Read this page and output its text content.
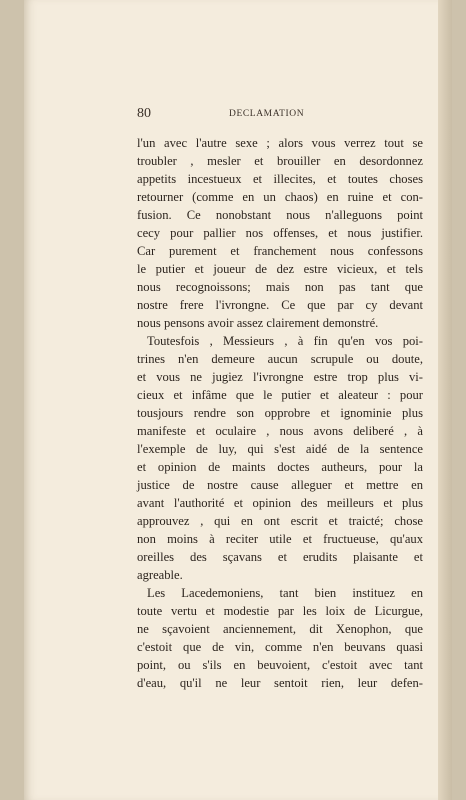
80	DECLAMATION
l'un avec l'autre sexe ; alors vous verrez tout se
troubler , mesler et brouiller en desordonnez
appetits incestueux et illecites, et toutes choses
retourner (comme en un chaos) en ruine et con-
fusion. Ce nonobstant nous n'alleguons point
cecy pour pallier nos offenses, et nous justifier.
Car purement et franchement nous confessons
le putier et joueur de dez estre vicieux, et tels
nous recognoissons; mais non pas tant que
nostre frere l'ivrongne. Ce que par cy devant
nous pensons avoir assez clairement demonstré.
Toutesfois , Messieurs , à fin qu'en vos poi-
trines n'en demeure aucun scrupule ou doute,
et vous ne jugiez l'ivrongne estre trop plus vi-
cieux et infâme que le putier et aleateur : pour
tousjours rendre son opprobre et ignominie plus
manifeste et oculaire , nous avons deliberé , à
l'exemple de luy, qui s'est aidé de la sentence
et opinion de maints doctes autheurs, pour la
justice de nostre cause alleguer et mettre en
avant l'authorité et opinion des meilleurs et plus
approuvez , qui en ont escrit et traicté; chose
non moins à reciter utile et fructueuse, qu'aux
oreilles des sçavans et erudits plaisante et
agreable.
Les Lacedemoniens, tant bien instituez en
toute vertu et modestie par les loix de Licurgue,
ne sçavoient anciennement, dit Xenophon, que
c'estoit que de vin, comme n'en beuvans quasi
point, ou s'ils en beuvoient, c'estoit avec tant
d'eau, qu'il ne leur sentoit rien, leur defen-
